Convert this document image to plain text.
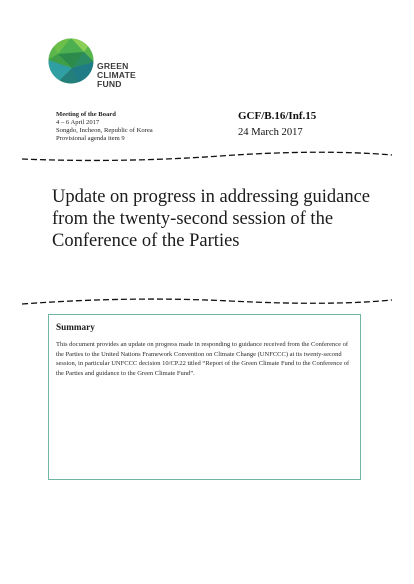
GREEN
CLIMATE
FUND
Meeting of the Board
4 – 6 April 2017
Songdo, Incheon, Republic of Korea
Provisional agenda item 9
GCF/B.16/Inf.15
24 March 2017
Update on progress in addressing guidance from the twenty-second session of the Conference of the Parties
Summary
This document provides an update on progress made in responding to guidance received from the Conference of the Parties to the United Nations Framework Convention on Climate Change (UNFCCC) at its twenty-second session, in particular UNFCCC decision 10/CP.22 titled “Report of the Green Climate Fund to the Conference of the Parties and guidance to the Green Climate Fund”.
